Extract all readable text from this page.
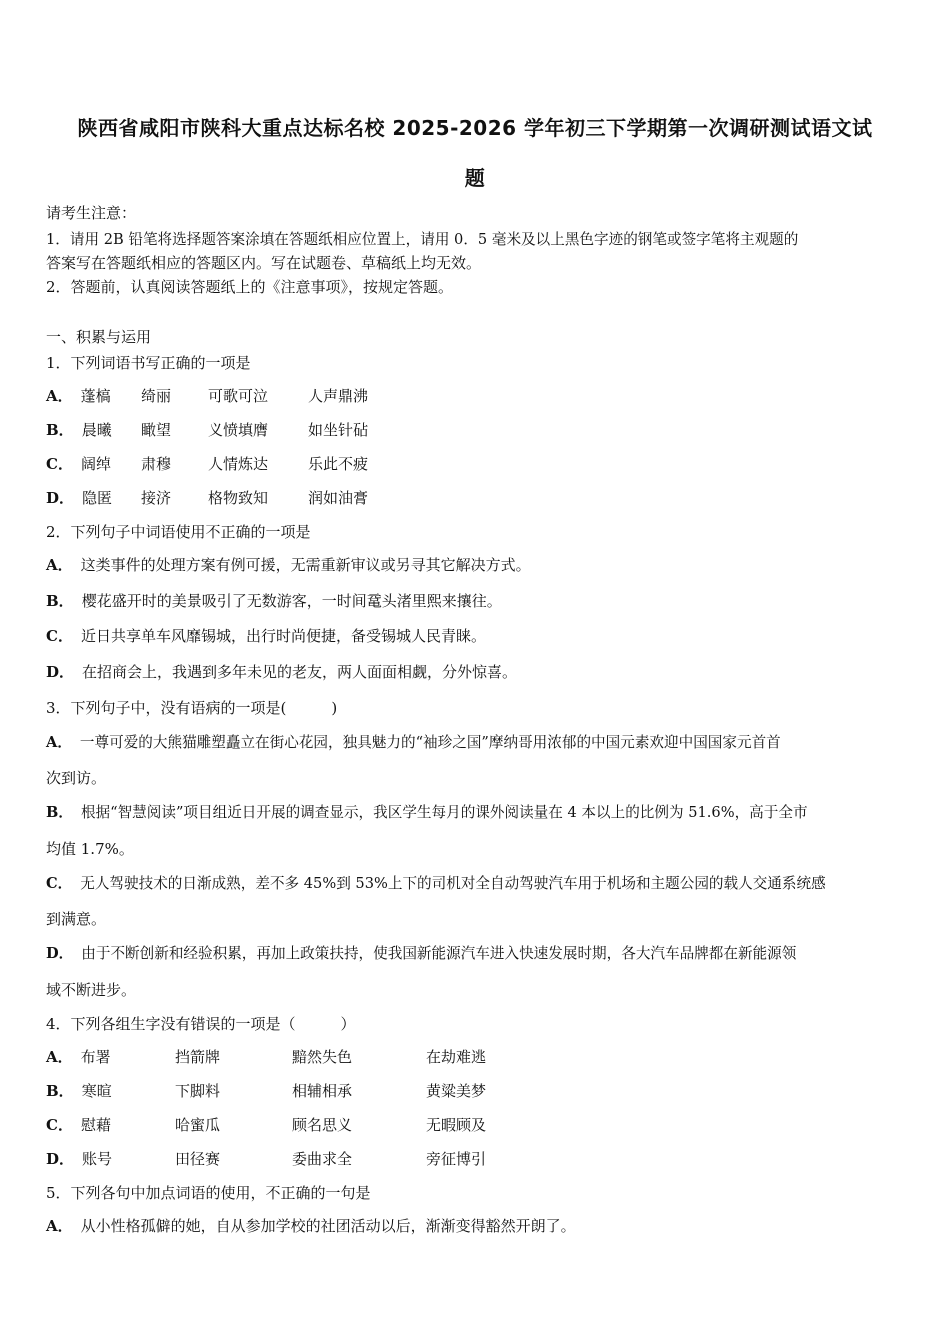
陕西省咸阳市陕科大重点达标名校 2025-2026 学年初三下学期第一次调研测试语文试
题
请考生注意：
1．请用 2B 铅笔将选择题答案涂填在答题纸相应位置上，请用 0．5 毫米及以上黑色字迹的钢笔或签字笔将主观题的
答案写在答题纸相应的答题区内。写在试题卷、草稿纸上均无效。
2．答题前，认真阅读答题纸上的《注意事项》，按规定答题。
一、积累与运用
1．下列词语书写正确的一项是
A． 蓬槁 绮丽 可歌可泣	人声鼎沸
B． 晨曦 瞰望 义愤填膺	如坐针砧
C． 阔绰 肃穆 人情炼达	乐此不疲
D． 隐匿 接济 格物致知	润如油膏
2．下列句子中词语使用不正确的一项是
A． 这类事件的处理方案有例可援，无需重新审议或另寻其它解决方式。
B． 樱花盛开时的美景吸引了无数游客，一时间鼋头渚里熙来攘往。
C． 近日共享单车风靡锡城，出行时尚便捷，备受锡城人民青睐。
D． 在招商会上，我遇到多年未见的老友，两人面面相觑，分外惊喜。
3．下列句子中，没有语病的一项是(　　　)
A． 一尊可爱的大熊猫雕塑矗立在街心花园，独具魅力的“袖珍之国”摩纳哥用浓郁的中国元素欢迎中国国家元首首
次到访。
B． 根据“智慧阅读”项目组近日开展的调查显示，我区学生每月的课外阅读量在 4 本以上的比例为 51.6%，高于全市
均值 1.7%。
C． 无人驾驶技术的日渐成熟，差不多 45%到 53%上下的司机对全自动驾驶汽车用于机场和主题公园的载人交通系统感
到满意。
D． 由于不断创新和经验积累，再加上政策扶持，使我国新能源汽车进入快速发展时期，各大汽车品牌都在新能源领
域不断进步。
4．下列各组生字没有错误的一项是（　　　）
A． 布署	挡箭牌	黯然失色	在劫难逃
B． 寒暄	下脚料	相辅相承	黄粱美梦
C． 慰藉	哈蜜瓜	顾名思义	无暇顾及
D． 账号	田径赛	委曲求全	旁征博引
5．下列各句中加点词语的使用，不正确的一句是
A． 从小性格孤僻的她，自从参加学校的社团活动以后，渐渐变得豁然开朗了。
